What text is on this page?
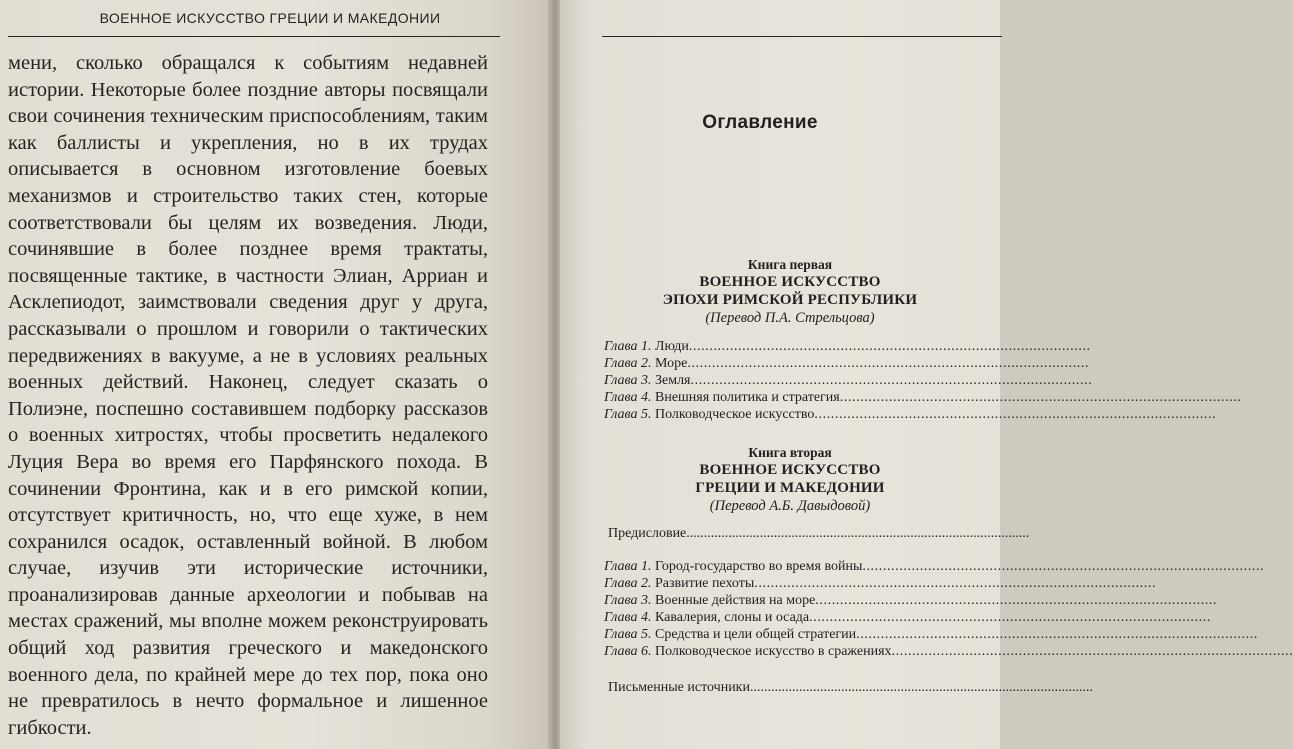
ВОЕННОЕ ИСКУССТВО ГРЕЦИИ И МАКЕДОНИИ

мени, сколько обращался к событиям недавней истории. Некоторые более поздние авторы посвящали свои сочинения техническим приспособлениям, таким как баллисты и укрепления, но в их трудах описывается в основном изготовление боевых механизмов и строительство таких стен, которые соответствовали бы целям их возведения. Люди, сочинявшие в более позднее время трактаты, посвященные тактике, в частности Элиан, Арриан и Асклепиодот, заимствовали сведения друг у друга, рассказывали о прошлом и говорили о тактических передвижениях в вакууме, а не в условиях реальных военных действий. Наконец, следует сказать о Полиэне, поспешно составившем подборку рассказов о военных хитростях, чтобы просветить недалекого Луция Вера во время его Парфянского похода. В сочинении Фронтина, как и в его римской копии, отсутствует критичность, но, что еще хуже, в нем сохранился осадок, оставленный войной. В любом случае, изучив эти исторические источники, проанализировав данные археологии и побывав на местах сражений, мы вполне можем реконструировать общий ход развития греческого и македонского военного дела, по крайней мере до тех пор, пока оно не превратилось в нечто формальное и лишенное гибкости.

Оглавление
Книга первая
ВОЕННОЕ ИСКУССТВО
ЭПОХИ РИМСКОЙ РЕСПУБЛИКИ
(Перевод П.А. Стрельцова)
Глава 1. Люди..................................................................................................
Глава 2. Море..................................................................................................
Глава 3. Земля..................................................................................................
Глава 4. Внешняя политика и стратегия..................................................................................................
Глава 5. Полководческое искусство..................................................................................................
Книга вторая
ВОЕННОЕ ИСКУССТВО
ГРЕЦИИ И МАКЕДОНИИ
(Перевод А.Б. Давыдовой)
Предисловие..................................................................................................
Глава 1. Город-государство во время войны..................................................................................................
Глава 2. Развитие пехоты..................................................................................................
Глава 3. Военные действия на море..................................................................................................
Глава 4. Кавалерия, слоны и осада..................................................................................................
Глава 5. Средства и цели общей стратегии..................................................................................................
Глава 6. Полководческое искусство в сражениях..................................................................................................
Письменные источники..................................................................................................
